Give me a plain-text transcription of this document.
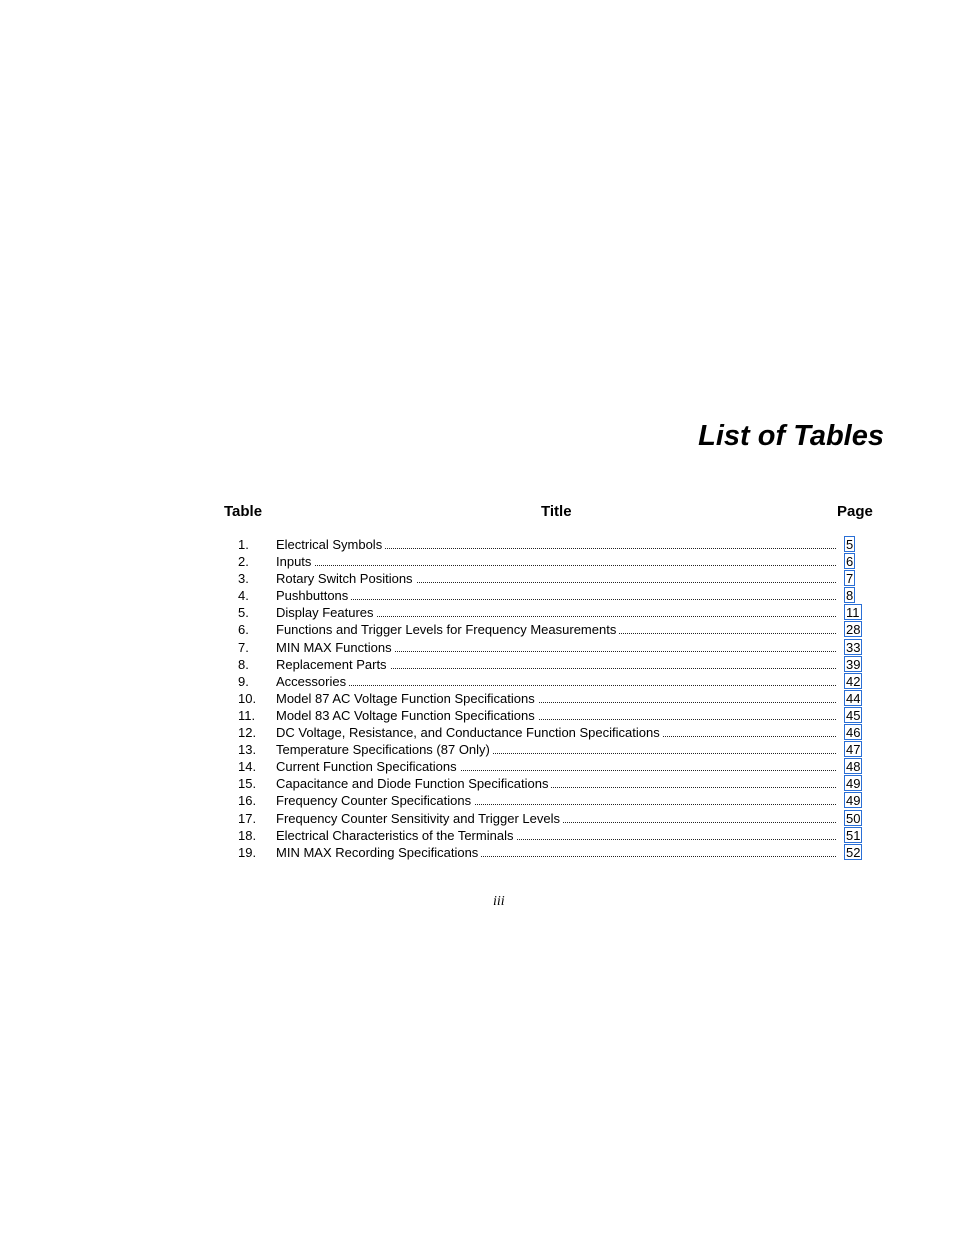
List of Tables
Table	Title	Page
1. Electrical Symbols	5
2. Inputs	6
3. Rotary Switch Positions	7
4. Pushbuttons	8
5. Display Features	11
6. Functions and Trigger Levels for Frequency Measurements	28
7. MIN MAX Functions	33
8. Replacement Parts	39
9. Accessories	42
10. Model 87 AC Voltage Function Specifications	44
11. Model 83 AC Voltage Function Specifications	45
12. DC Voltage, Resistance, and Conductance Function Specifications	46
13. Temperature Specifications (87 Only)	47
14. Current Function Specifications	48
15. Capacitance and Diode Function Specifications	49
16. Frequency Counter Specifications	49
17. Frequency Counter Sensitivity and Trigger Levels	50
18. Electrical Characteristics of the Terminals	51
19. MIN MAX Recording Specifications	52
iii
